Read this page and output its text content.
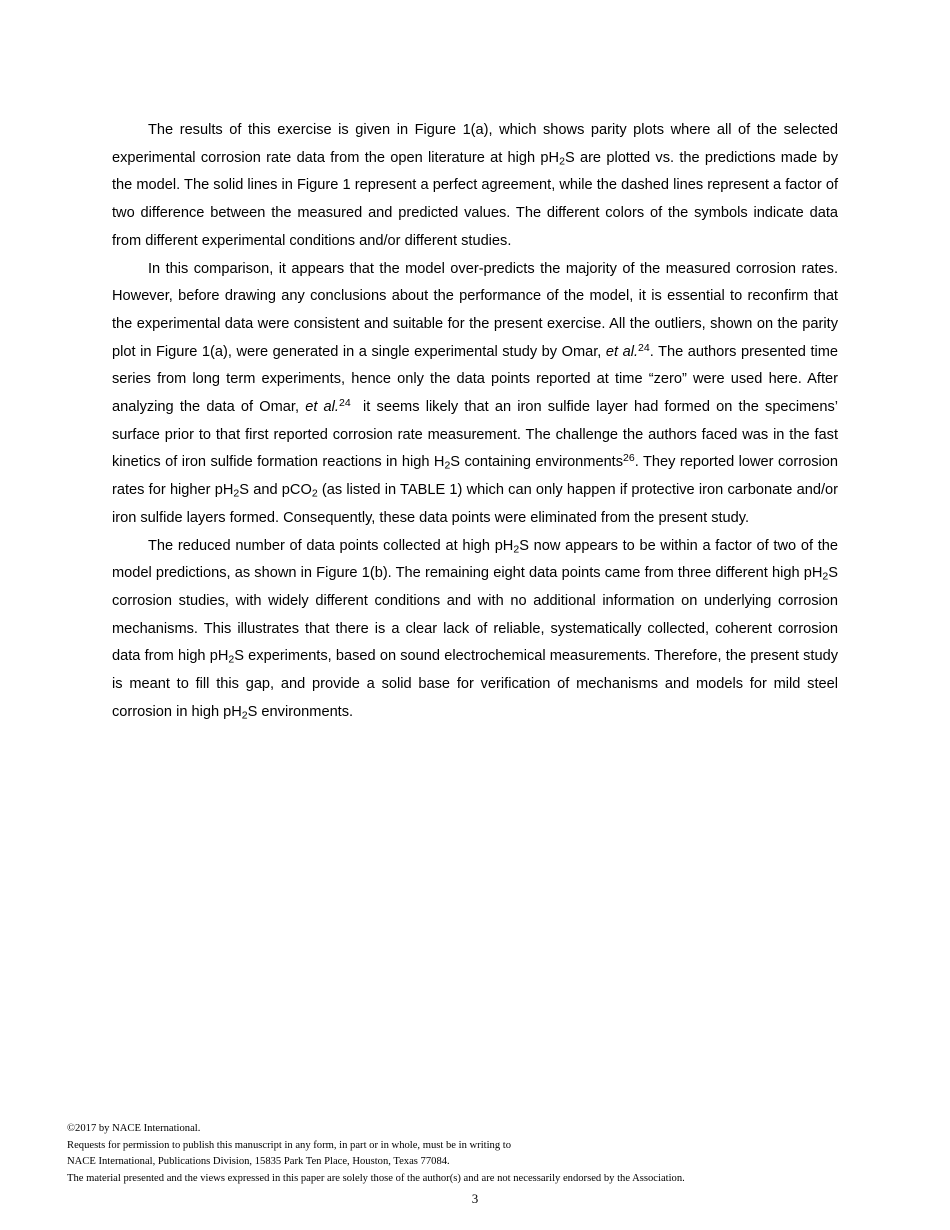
The results of this exercise is given in Figure 1(a), which shows parity plots where all of the selected experimental corrosion rate data from the open literature at high $pH_2S$ are plotted vs. the predictions made by the model. The solid lines in Figure 1 represent a perfect agreement, while the dashed lines represent a factor of two difference between the measured and predicted values. The different colors of the symbols indicate data from different experimental conditions and/or different studies.

In this comparison, it appears that the model over-predicts the majority of the measured corrosion rates. However, before drawing any conclusions about the performance of the model, it is essential to reconfirm that the experimental data were consistent and suitable for the present exercise. All the outliers, shown on the parity plot in Figure 1(a), were generated in a single experimental study by Omar, et al.$^{24}$. The authors presented time series from long term experiments, hence only the data points reported at time “zero” were used here. After analyzing the data of Omar, et al.$^{24}$  it seems likely that an iron sulfide layer had formed on the specimens’ surface prior to that first reported corrosion rate measurement. The challenge the authors faced was in the fast kinetics of iron sulfide formation reactions in high $H_2S$ containing environments$^{26}$. They reported lower corrosion rates for higher $pH_2S$ and pCO$_2$ (as listed in TABLE 1) which can only happen if protective iron carbonate and/or iron sulfide layers formed. Consequently, these data points were eliminated from the present study.

The reduced number of data points collected at high $pH_2S$ now appears to be within a factor of two of the model predictions, as shown in Figure 1(b). The remaining eight data points came from three different high $pH_2S$ corrosion studies, with widely different conditions and with no additional information on underlying corrosion mechanisms. This illustrates that there is a clear lack of reliable, systematically collected, coherent corrosion data from high $pH_2S$ experiments, based on sound electrochemical measurements. Therefore, the present study is meant to fill this gap, and provide a solid base for verification of mechanisms and models for mild steel corrosion in high $pH_2S$ environments.

©2017 by NACE International.
Requests for permission to publish this manuscript in any form, in part or in whole, must be in writing to
NACE International, Publications Division, 15835 Park Ten Place, Houston, Texas 77084.
The material presented and the views expressed in this paper are solely those of the author(s) and are not necessarily endorsed by the Association.
3
